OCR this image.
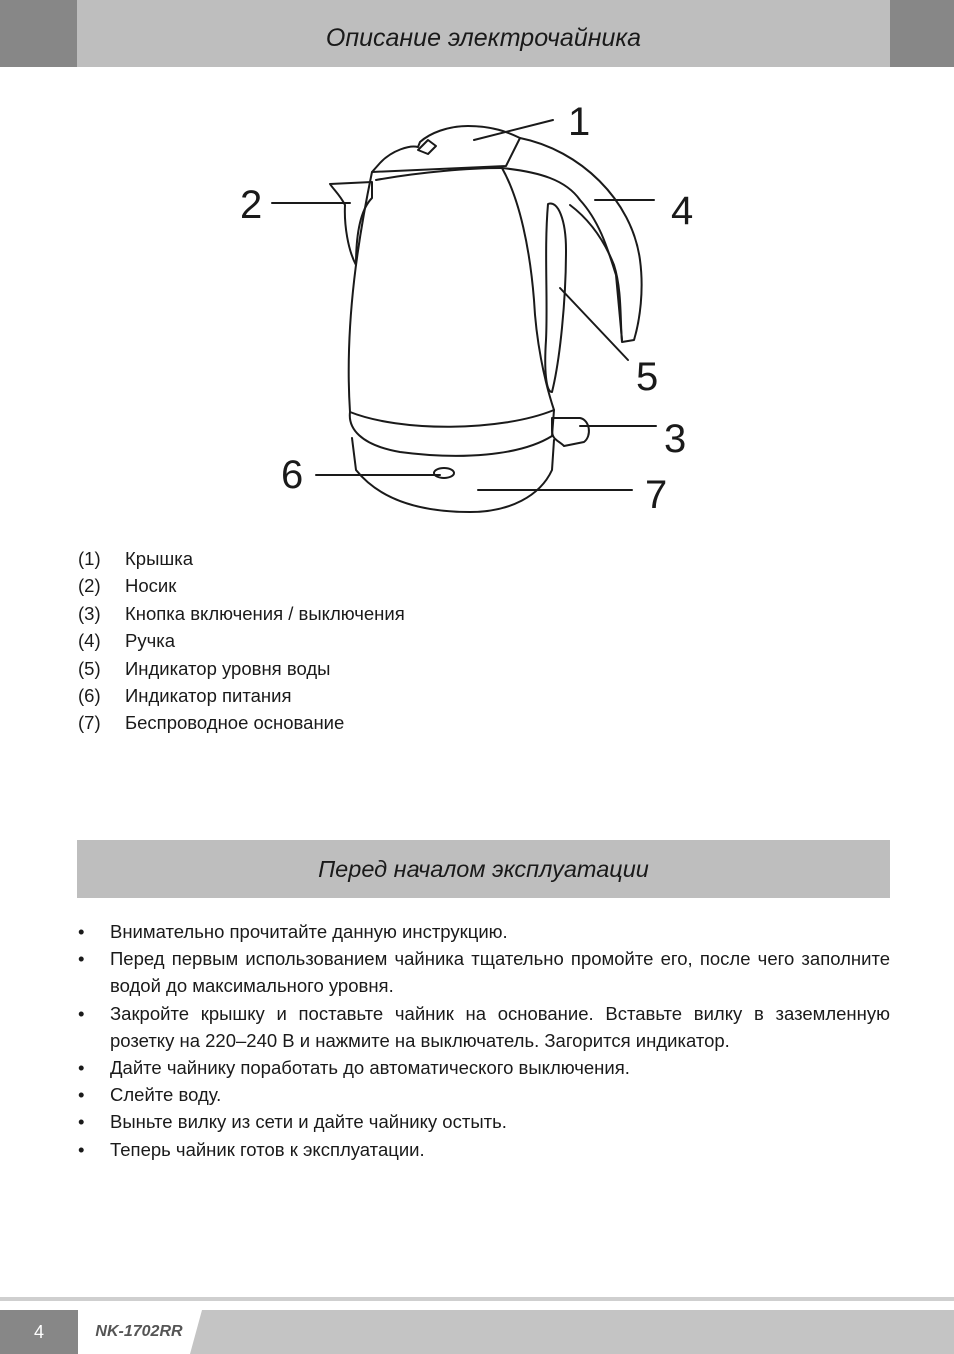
Описание электрочайника
1
2	4
5
3
6	7
(1)	Крышка
(2)	Носик
(3)	Кнопка включения / выключения
(4)	Ручка
(5)	Индикатор уровня воды
(6)	Индикатор питания
(7)	Беспроводное основание
Перед началом эксплуатации
• Внимательно прочитайте данную инструкцию.
• Перед первым использованием чайника тщательно промойте его, после чего заполните водой до максимального уровня.
• Закройте крышку и поставьте чайник на основание. Вставьте вилку в заземленную розетку на 220–240 В и нажмите на выключатель. Загорится индикатор.
• Дайте чайнику поработать до автоматического выключения.
• Слейте воду.
• Выньте вилку из сети и дайте чайнику остыть.
• Теперь чайник готов к эксплуатации.
4	NK-1702RR
